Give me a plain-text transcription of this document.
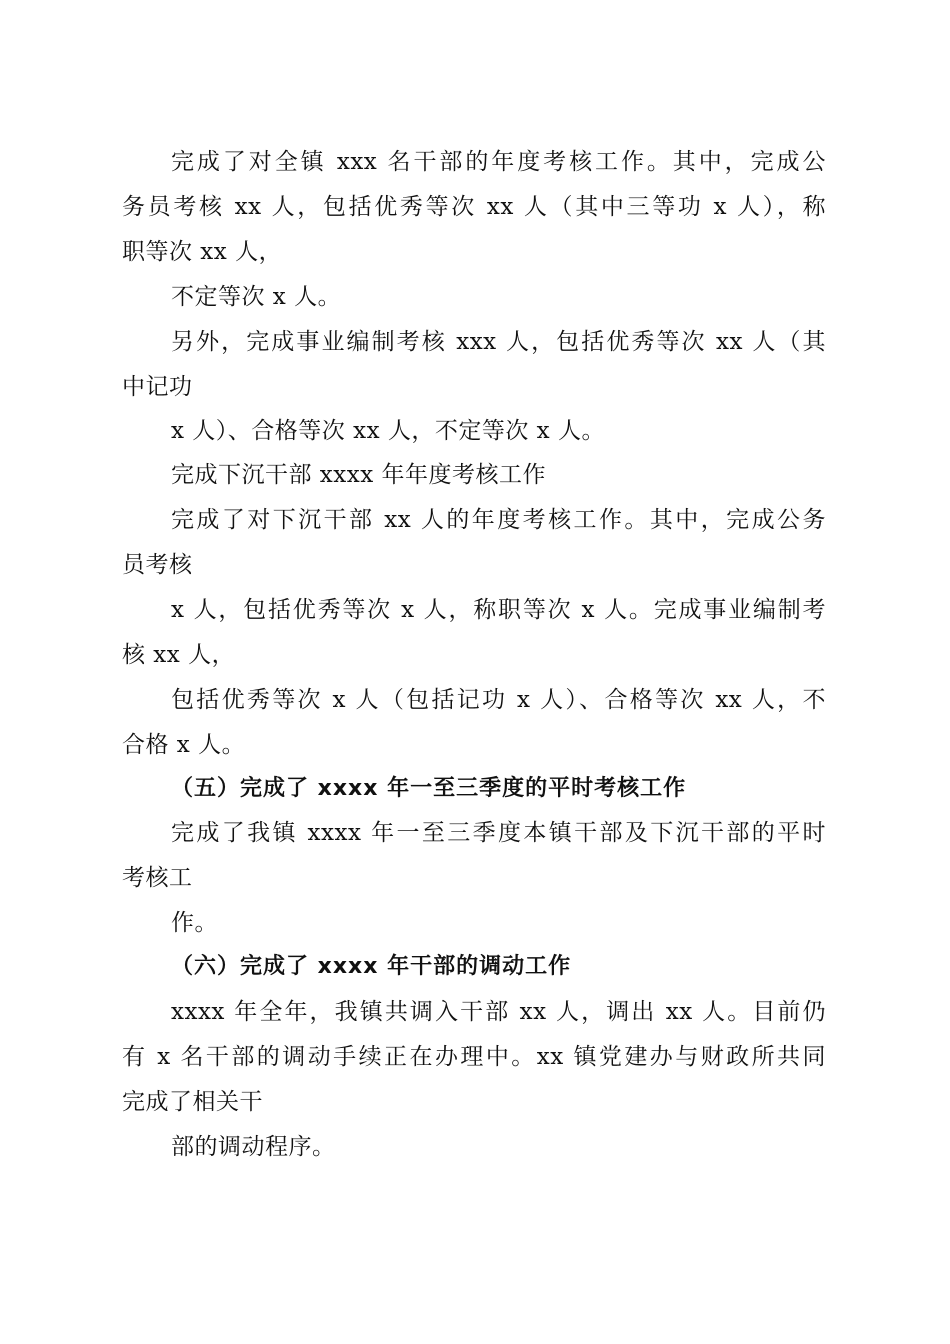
完成了对全镇 xxx 名干部的年度考核工作。其中，完成公
务员考核 xx 人，包括优秀等次 xx 人（其中三等功 x 人），称
职等次 xx 人，
不定等次 x 人。
另外，完成事业编制考核 xxx 人，包括优秀等次 xx 人（其
中记功
x 人）、合格等次 xx 人，不定等次 x 人。
完成下沉干部 xxxx 年年度考核工作
完成了对下沉干部 xx 人的年度考核工作。其中，完成公务
员考核
x 人，包括优秀等次 x 人，称职等次 x 人。完成事业编制考
核 xx 人，
包括优秀等次 x 人（包括记功 x 人）、合格等次 xx 人，不
合格 x 人。
（五）完成了 xxxx 年一至三季度的平时考核工作
完成了我镇 xxxx 年一至三季度本镇干部及下沉干部的平时
考核工
作。
（六）完成了 xxxx 年干部的调动工作
xxxx 年全年，我镇共调入干部 xx 人，调出 xx 人。目前仍
有 x 名干部的调动手续正在办理中。xx 镇党建办与财政所共同
完成了相关干
部的调动程序。
